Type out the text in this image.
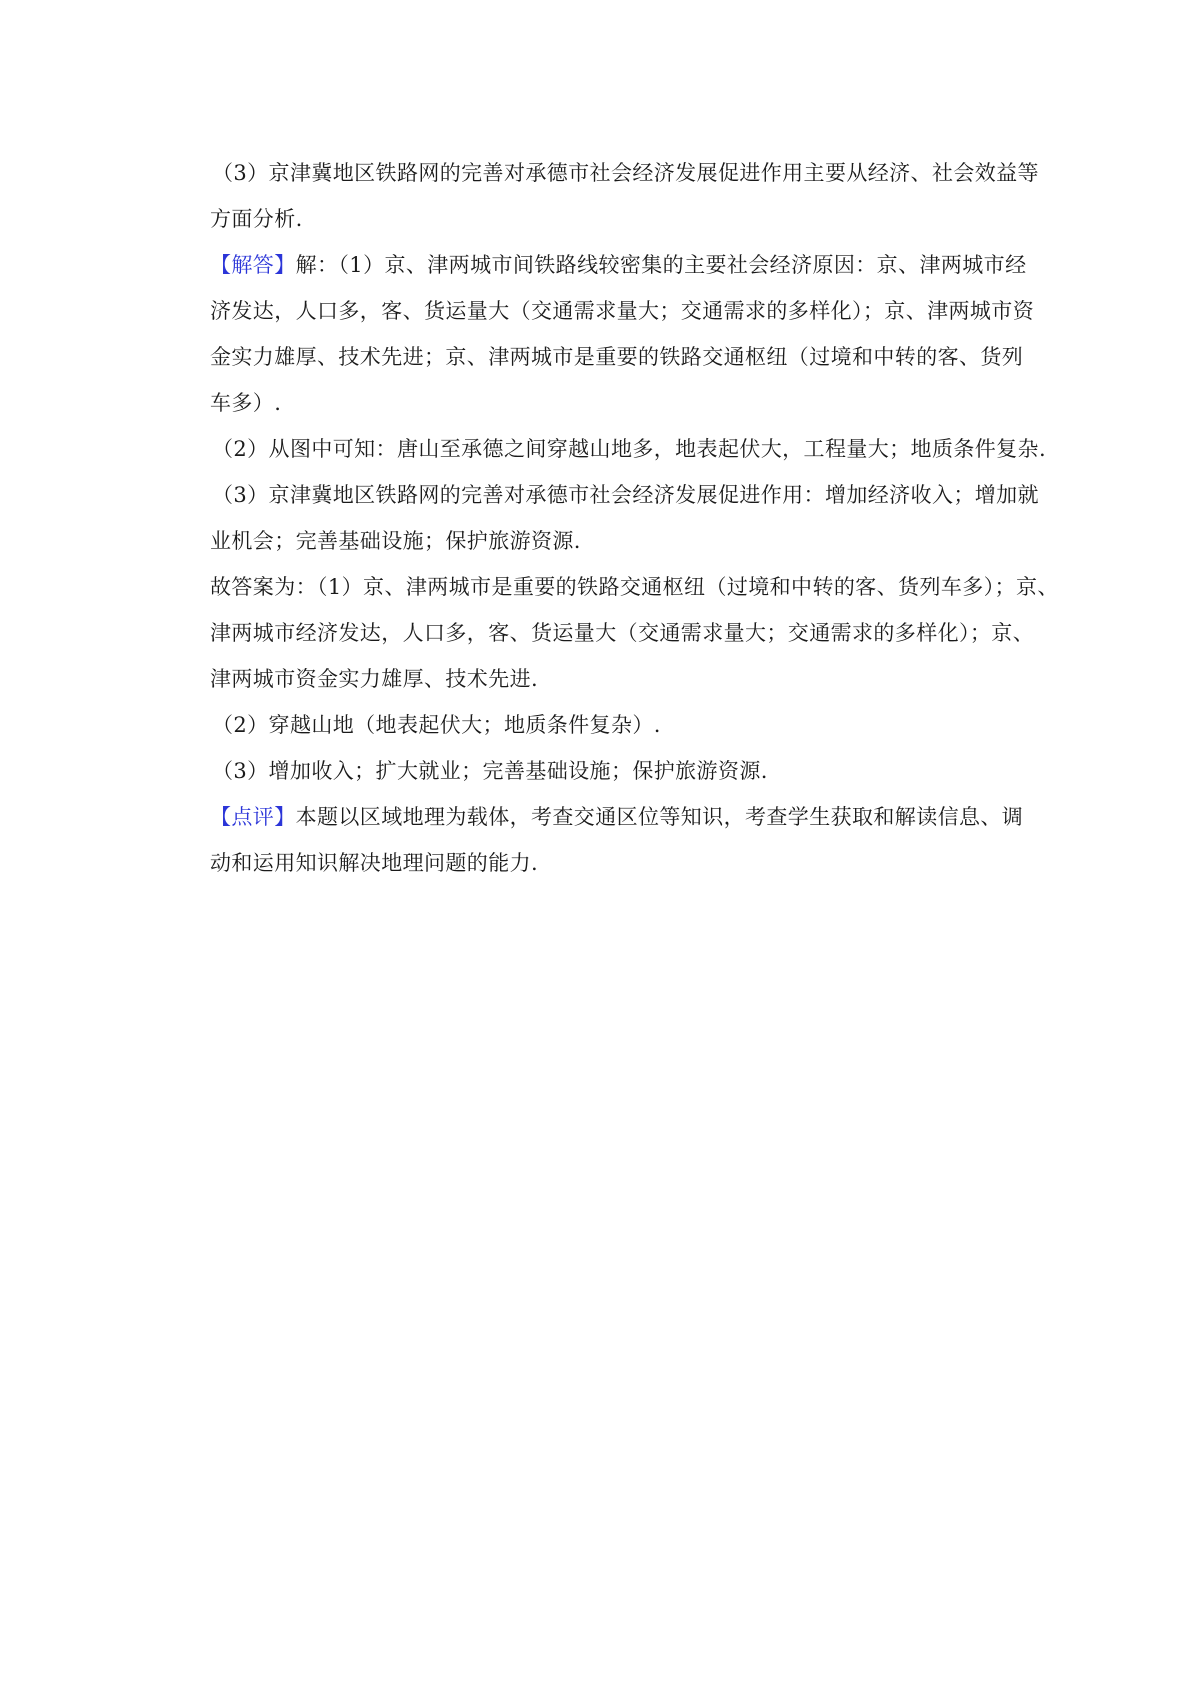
（3）京津冀地区铁路网的完善对承德市社会经济发展促进作用主要从经济、社会效益等
方面分析.
【解答】解：（1）京、津两城市间铁路线较密集的主要社会经济原因：京、津两城市经
济发达，人口多，客、货运量大（交通需求量大；交通需求的多样化）；京、津两城市资
金实力雄厚、技术先进；京、津两城市是重要的铁路交通枢纽（过境和中转的客、货列
车多）.
（2）从图中可知：唐山至承德之间穿越山地多，地表起伏大，工程量大；地质条件复杂.
（3）京津冀地区铁路网的完善对承德市社会经济发展促进作用：增加经济收入；增加就
业机会；完善基础设施；保护旅游资源.
故答案为：（1）京、津两城市是重要的铁路交通枢纽（过境和中转的客、货列车多）；京、
津两城市经济发达，人口多，客、货运量大（交通需求量大；交通需求的多样化）；京、
津两城市资金实力雄厚、技术先进.
（2）穿越山地（地表起伏大；地质条件复杂）.
（3）增加收入；扩大就业；完善基础设施；保护旅游资源.
【点评】本题以区域地理为载体，考查交通区位等知识，考查学生获取和解读信息、调
动和运用知识解决地理问题的能力.
